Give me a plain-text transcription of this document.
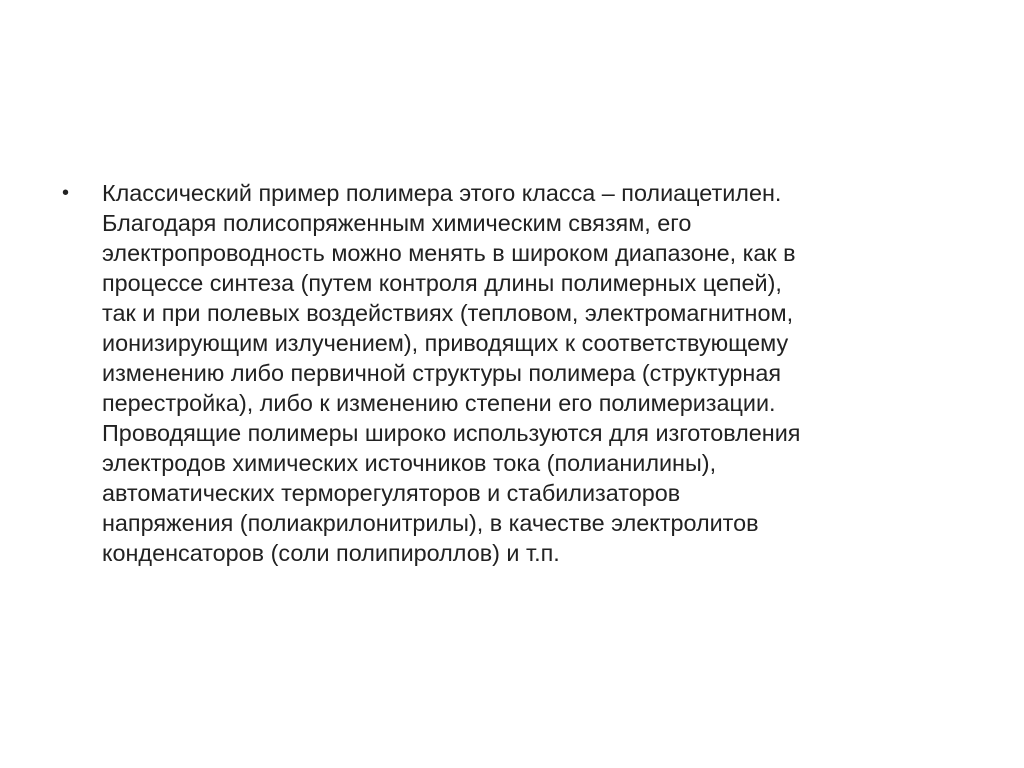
•	Классический пример полимера этого класса – полиацетилен.
Благодаря полисопряженным химическим связям, его
электропроводность можно менять в широком диапазоне, как в
процессе синтеза (путем контроля длины полимерных цепей),
так и при полевых воздействиях (тепловом, электромагнитном,
ионизирующим излучением), приводящих к соответствующему
изменению либо первичной структуры полимера (структурная
перестройка), либо к изменению степени его полимеризации.
Проводящие полимеры широко используются для изготовления
электродов химических источников тока (полианилины),
автоматических терморегуляторов и стабилизаторов
напряжения (полиакрилонитрилы), в качестве электролитов
конденсаторов (соли полипироллов) и т.п.
